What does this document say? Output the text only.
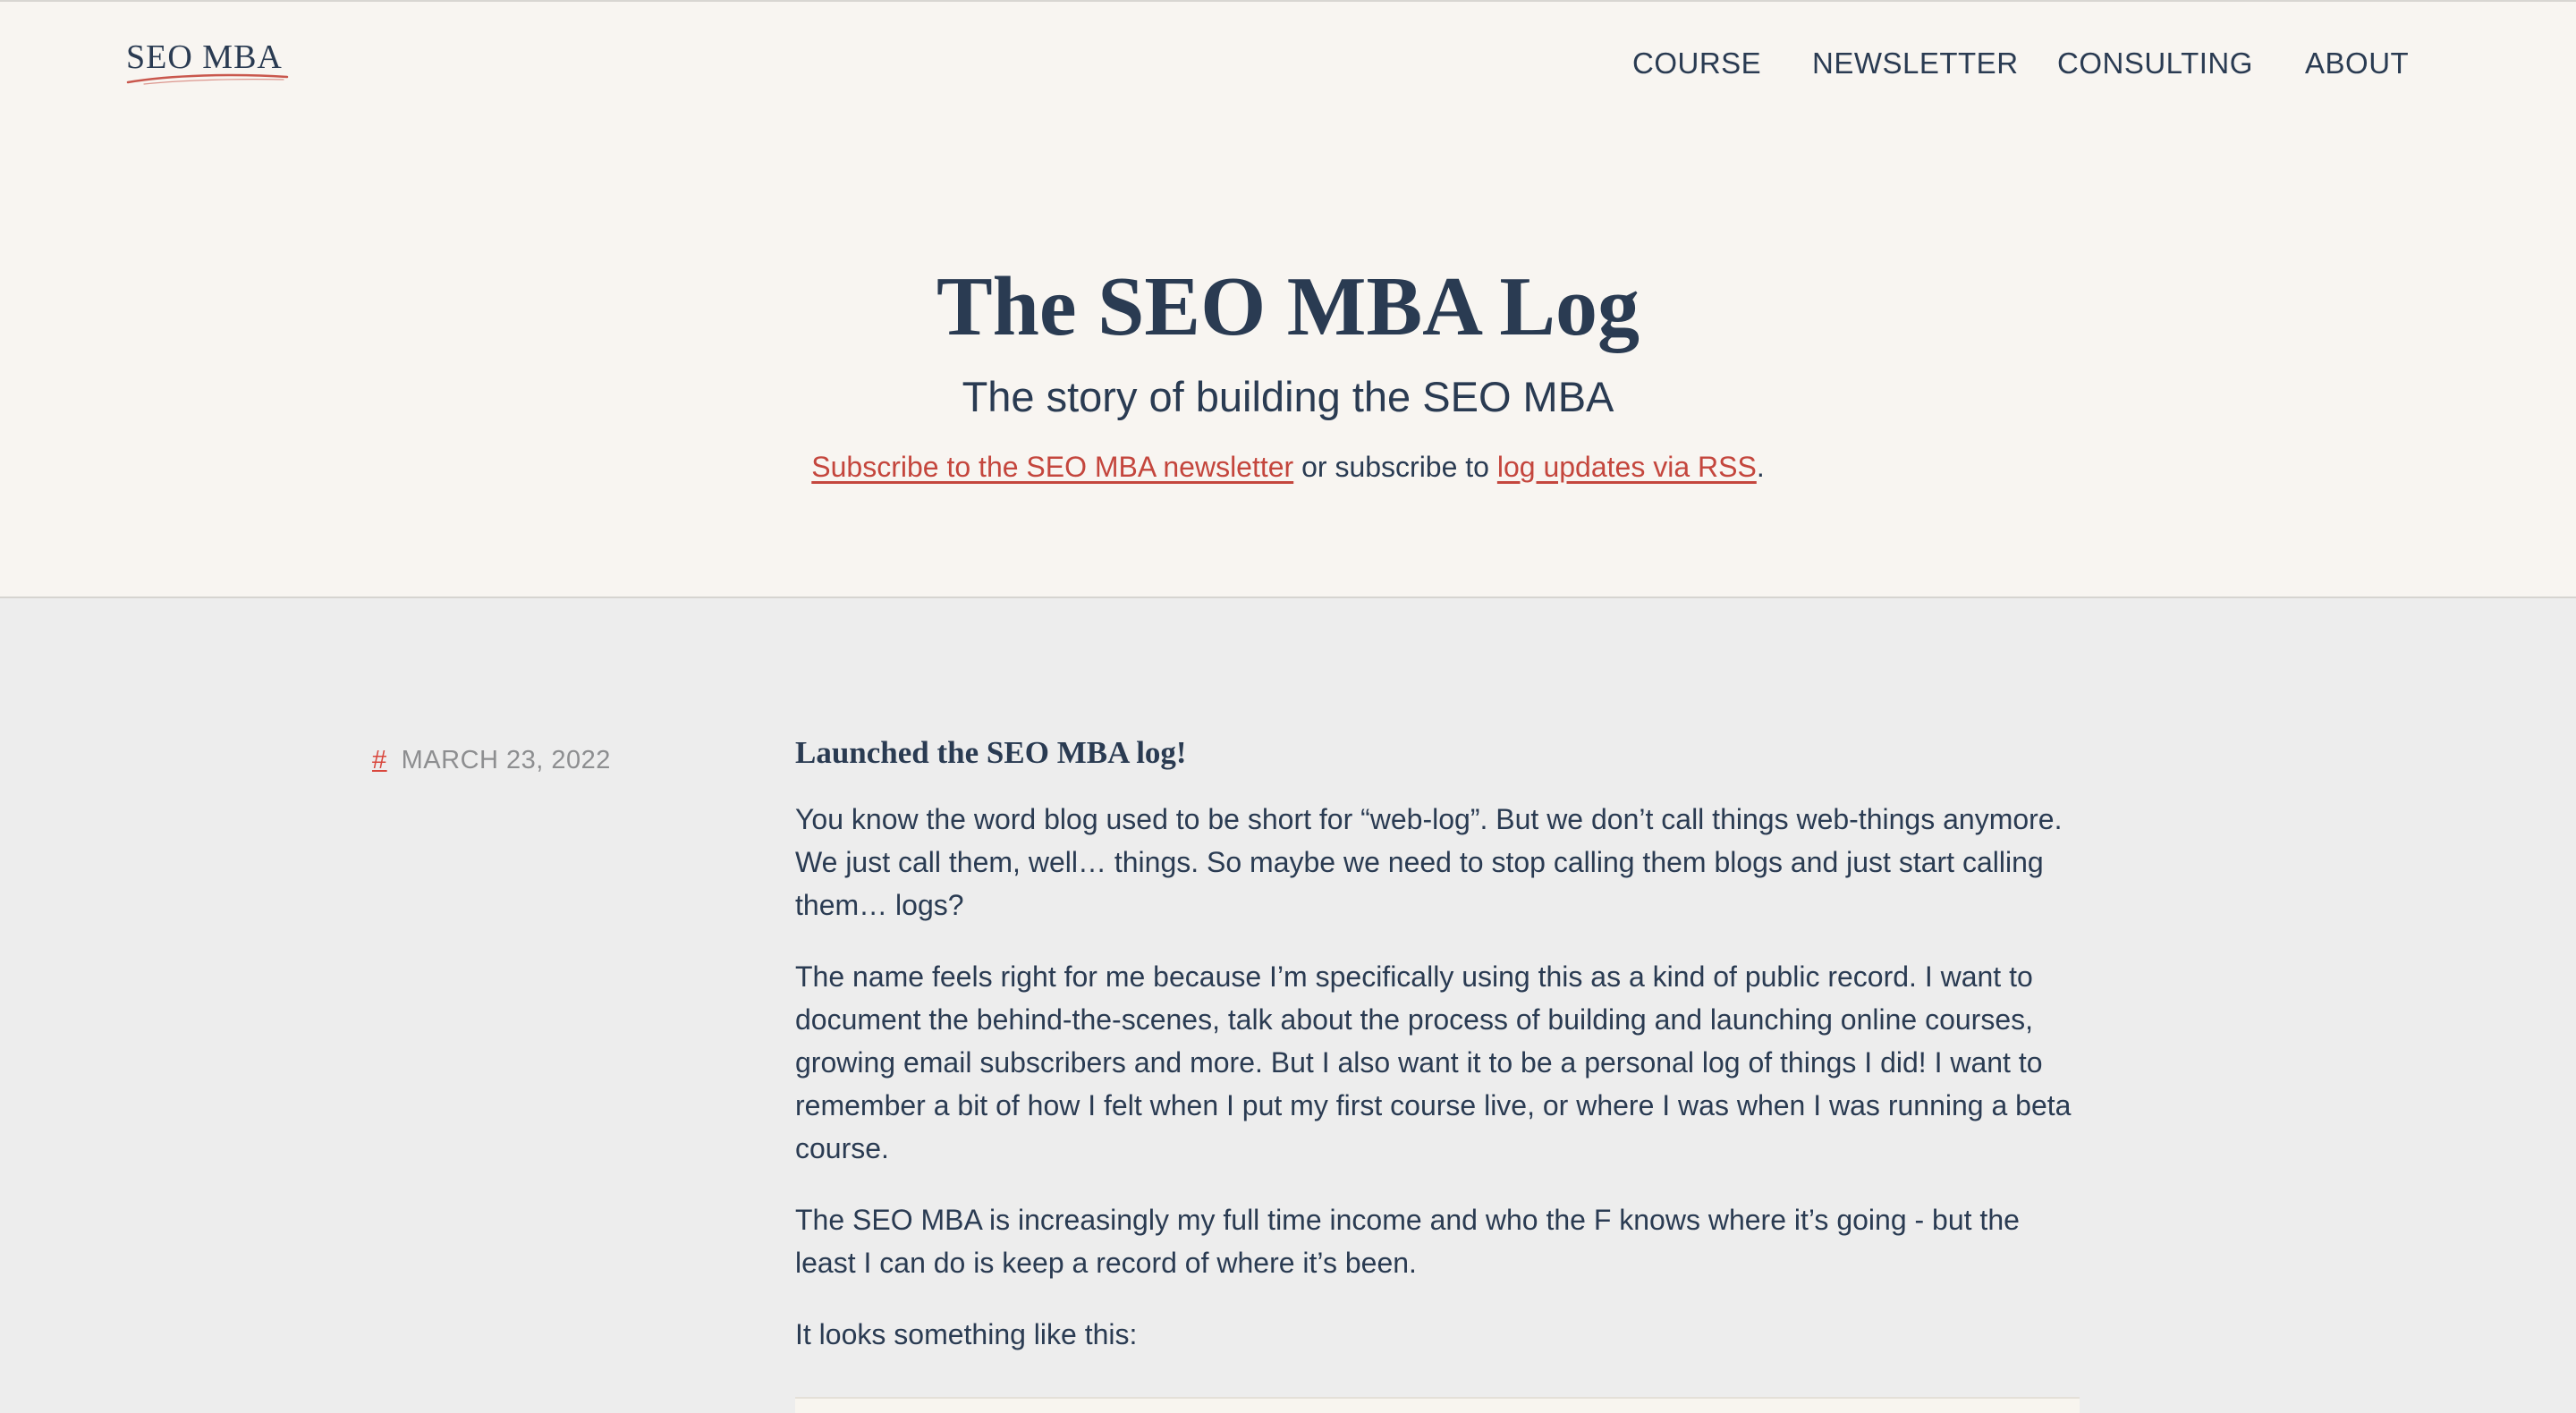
SEO MBA	COURSE NEWSLETTER CONSULTING ABOUT
The SEO MBA Log
The story of building the SEO MBA
Subscribe to the SEO MBA newsletter or subscribe to log updates via RSS.
# MARCH 23, 2022	Launched the SEO MBA log!

You know the word blog used to be short for “web-log”. But we don’t call things web-things anymore. We just call them, well… things. So maybe we need to stop calling them blogs and just start calling them… logs?

The name feels right for me because I’m specifically using this as a kind of public record. I want to document the behind-the-scenes, talk about the process of building and launching online courses, growing email subscribers and more. But I also want it to be a personal log of things I did! I want to remember a bit of how I felt when I put my first course live, or where I was when I was running a beta course.

The SEO MBA is increasingly my full time income and who the F knows where it’s going - but the least I can do is keep a record of where it’s been.

It looks something like this:
